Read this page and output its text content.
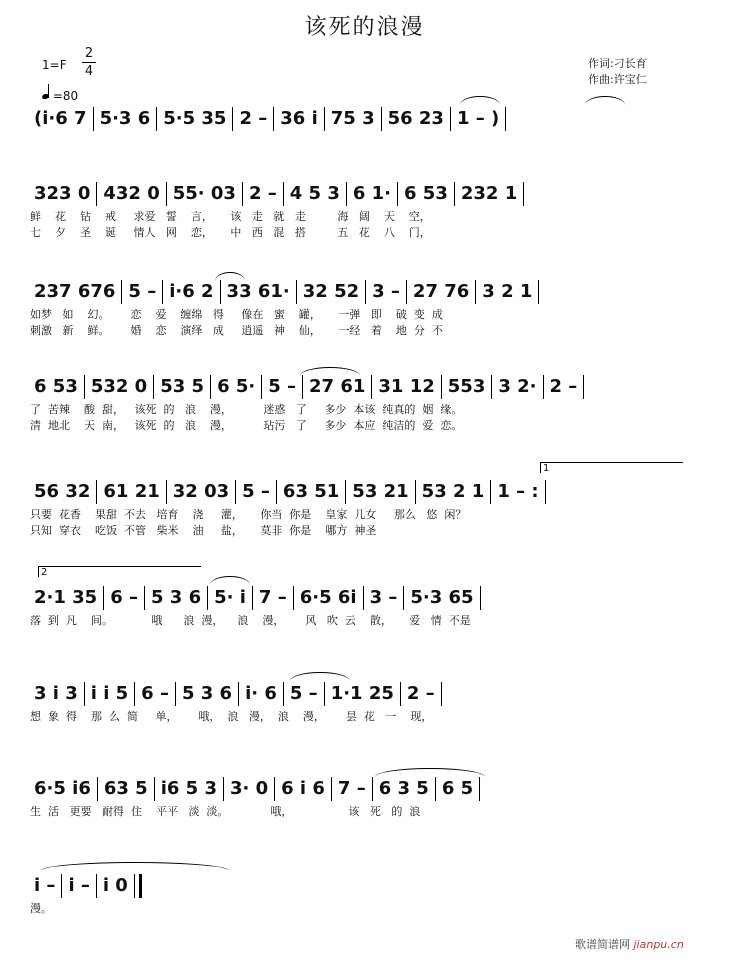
该死的浪漫
2
4
1=F
=80
作词:刁长育
作曲:许宝仁
(i·6 7 5·3 6 5·5 35 2 – 36 i 75 3 56 23 1 – )
323 0 432 0 55· 03 2 – 4 5 3 6 1· 6 53 232 1
鲜    花    钻    戒     求爱   誓    言，     该   走   就   走         海   阔    天    空，
七    夕    圣    诞     情人   网    恋，     中   西   混   搭         五   花    八    门，
237 676 5 – i·6 2 33 61· 32 52 3 – 27 76 3 2 1
如梦   如    幻。      恋    爱    缠绵   得     像在   蜜    罐，     一弹   即    破  变  成
刺激   新    鲜。      婚    恋    演绎   成     逍遥   神    仙，     一经   着    地  分  不
6 53 532 0 53 5 6 5· 5 – 27 61 31 12 553 3 2· 2 –
了  苦辣    酸  甜，   该死  的   浪    漫，         迷惑   了     多少  本该  纯真的  姻  缘。
清  地北    天  南，   该死  的   浪    漫，         玷污   了     多少  本应  纯洁的  爱  恋。
1
56 32 61 21 32 03 5 – 63 51 53 21 53 2 1 1 – :
只要  花香    果甜  不去   培育    浇     灌，     你当  你是    皇家  儿女     那么   悠  闲？
只知  穿衣    吃饭  不管   柴米    油     盐，     莫非  你是    哪方  神圣
2
2·1 35 6 – 5 3 6 5· i 7 – 6·5 6i 3 – 5·3 65
落  到  凡    间。           哦      浪  漫，    浪    漫，      风   吹  云    散，     爱   情  不是
3 i 3 i i 5 6 – 5 3 6 i· 6 5 – 1·1 25 2 –
想  象  得    那  么  简     单，      哦，  浪   漫，  浪    漫，      昙  花   一    现，
6·5 i6 63 5 i6 5 3 3· 0 6 i 6 7 – 6 3 5 6 5
生  活   更要   耐得  住    平平   淡  淡。            哦，                该   死   的  浪
i – i – i 0
漫。
歌谱简谱网 jianpu.cn
